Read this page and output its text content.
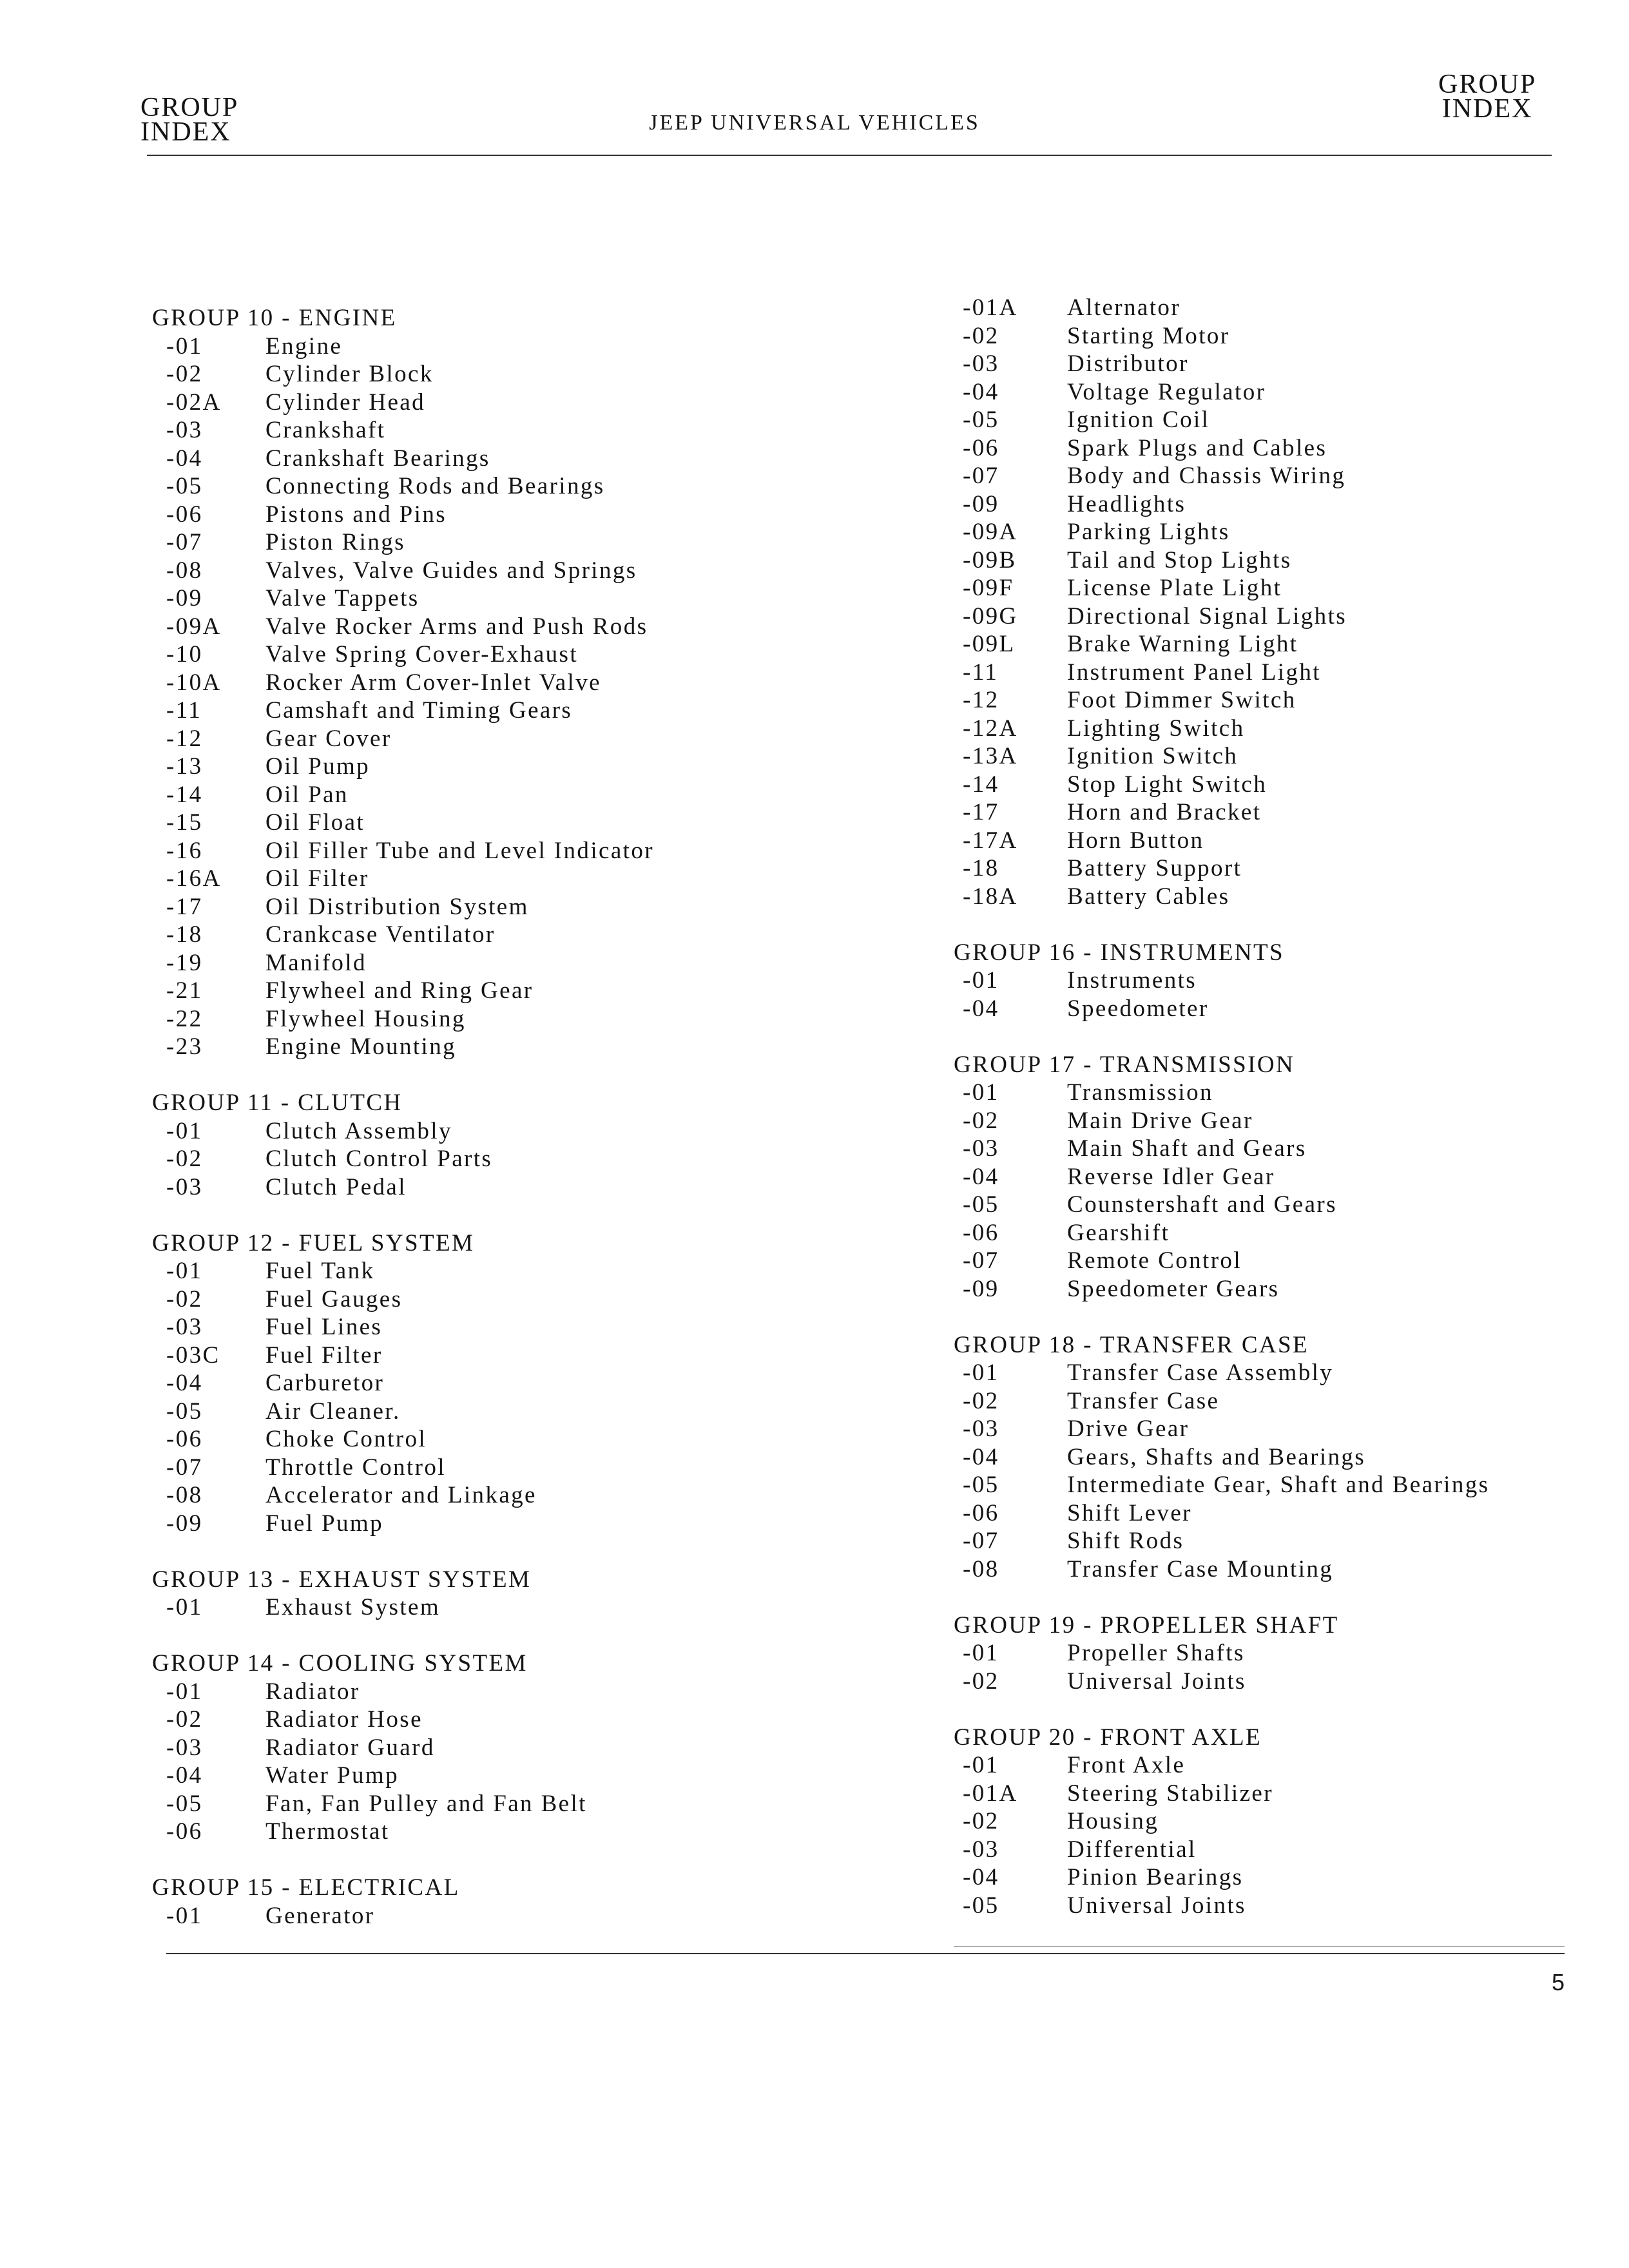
GROUP
INDEX	JEEP UNIVERSAL VEHICLES
GROUP
INDEX
GROUP 10 - ENGINE
-01	Engine
-02	Cylinder Block
-02A	Cylinder Head
-03	Crankshaft
-04	Crankshaft Bearings
-05	Connecting Rods and Bearings
-06	Pistons and Pins
-07	Piston Rings
-08	Valves, Valve Guides and Springs
-09	Valve Tappets
-09A	Valve Rocker Arms and Push Rods
-10	Valve Spring Cover-Exhaust
-10A	Rocker Arm Cover-Inlet Valve
-11	Camshaft and Timing Gears
-12	Gear Cover
-13	Oil Pump
-14	Oil Pan
-15	Oil Float
-16	Oil Filler Tube and Level Indicator
-16A	Oil Filter
-17	Oil Distribution System
-18	Crankcase Ventilator
-19	Manifold
-21	Flywheel and Ring Gear
-22	Flywheel Housing
-23	Engine Mounting
GROUP 11 - CLUTCH
-01	Clutch Assembly
-02	Clutch Control Parts
-03	Clutch Pedal
GROUP 12 - FUEL SYSTEM
-01	Fuel Tank
-02	Fuel Gauges
-03	Fuel Lines
-03C	Fuel Filter
-04	Carburetor
-05	Air Cleaner.
-06	Choke Control
-07	Throttle Control
-08	Accelerator and Linkage
-09	Fuel Pump
GROUP 13 - EXHAUST SYSTEM
-01	Exhaust System
GROUP 14 - COOLING SYSTEM
-01	Radiator
-02	Radiator Hose
-03	Radiator Guard
-04	Water Pump
-05	Fan, Fan Pulley and Fan Belt
-06	Thermostat
GROUP 15 - ELECTRICAL
-01	Generator
-01A	Alternator
-02	Starting Motor
-03	Distributor
-04	Voltage Regulator
-05	Ignition Coil
-06	Spark Plugs and Cables
-07	Body and Chassis Wiring
-09	Headlights
-09A	Parking Lights
-09B	Tail and Stop Lights
-09F	License Plate Light
-09G	Directional Signal Lights
-09L	Brake Warning Light
-11	Instrument Panel Light
-12	Foot Dimmer Switch
-12A	Lighting Switch
-13A	Ignition Switch
-14	Stop Light Switch
-17	Horn and Bracket
-17A	Horn Button
-18	Battery Support
-18A	Battery Cables
GROUP 16 - INSTRUMENTS
-01	Instruments
-04	Speedometer
GROUP 17 - TRANSMISSION
-01	Transmission
-02	Main Drive Gear
-03	Main Shaft and Gears
-04	Reverse Idler Gear
-05	Counstershaft and Gears
-06	Gearshift
-07	Remote Control
-09	Speedometer Gears
GROUP 18 - TRANSFER CASE
-01	Transfer Case Assembly
-02	Transfer Case
-03	Drive Gear
-04	Gears, Shafts and Bearings
-05	Intermediate Gear, Shaft and Bearings
-06	Shift Lever
-07	Shift Rods
-08	Transfer Case Mounting
GROUP 19 - PROPELLER SHAFT
-01	Propeller Shafts
-02	Universal Joints
GROUP 20 - FRONT AXLE
-01	Front Axle
-01A	Steering Stabilizer
-02	Housing
-03	Differential
-04	Pinion Bearings
-05	Universal Joints
5
